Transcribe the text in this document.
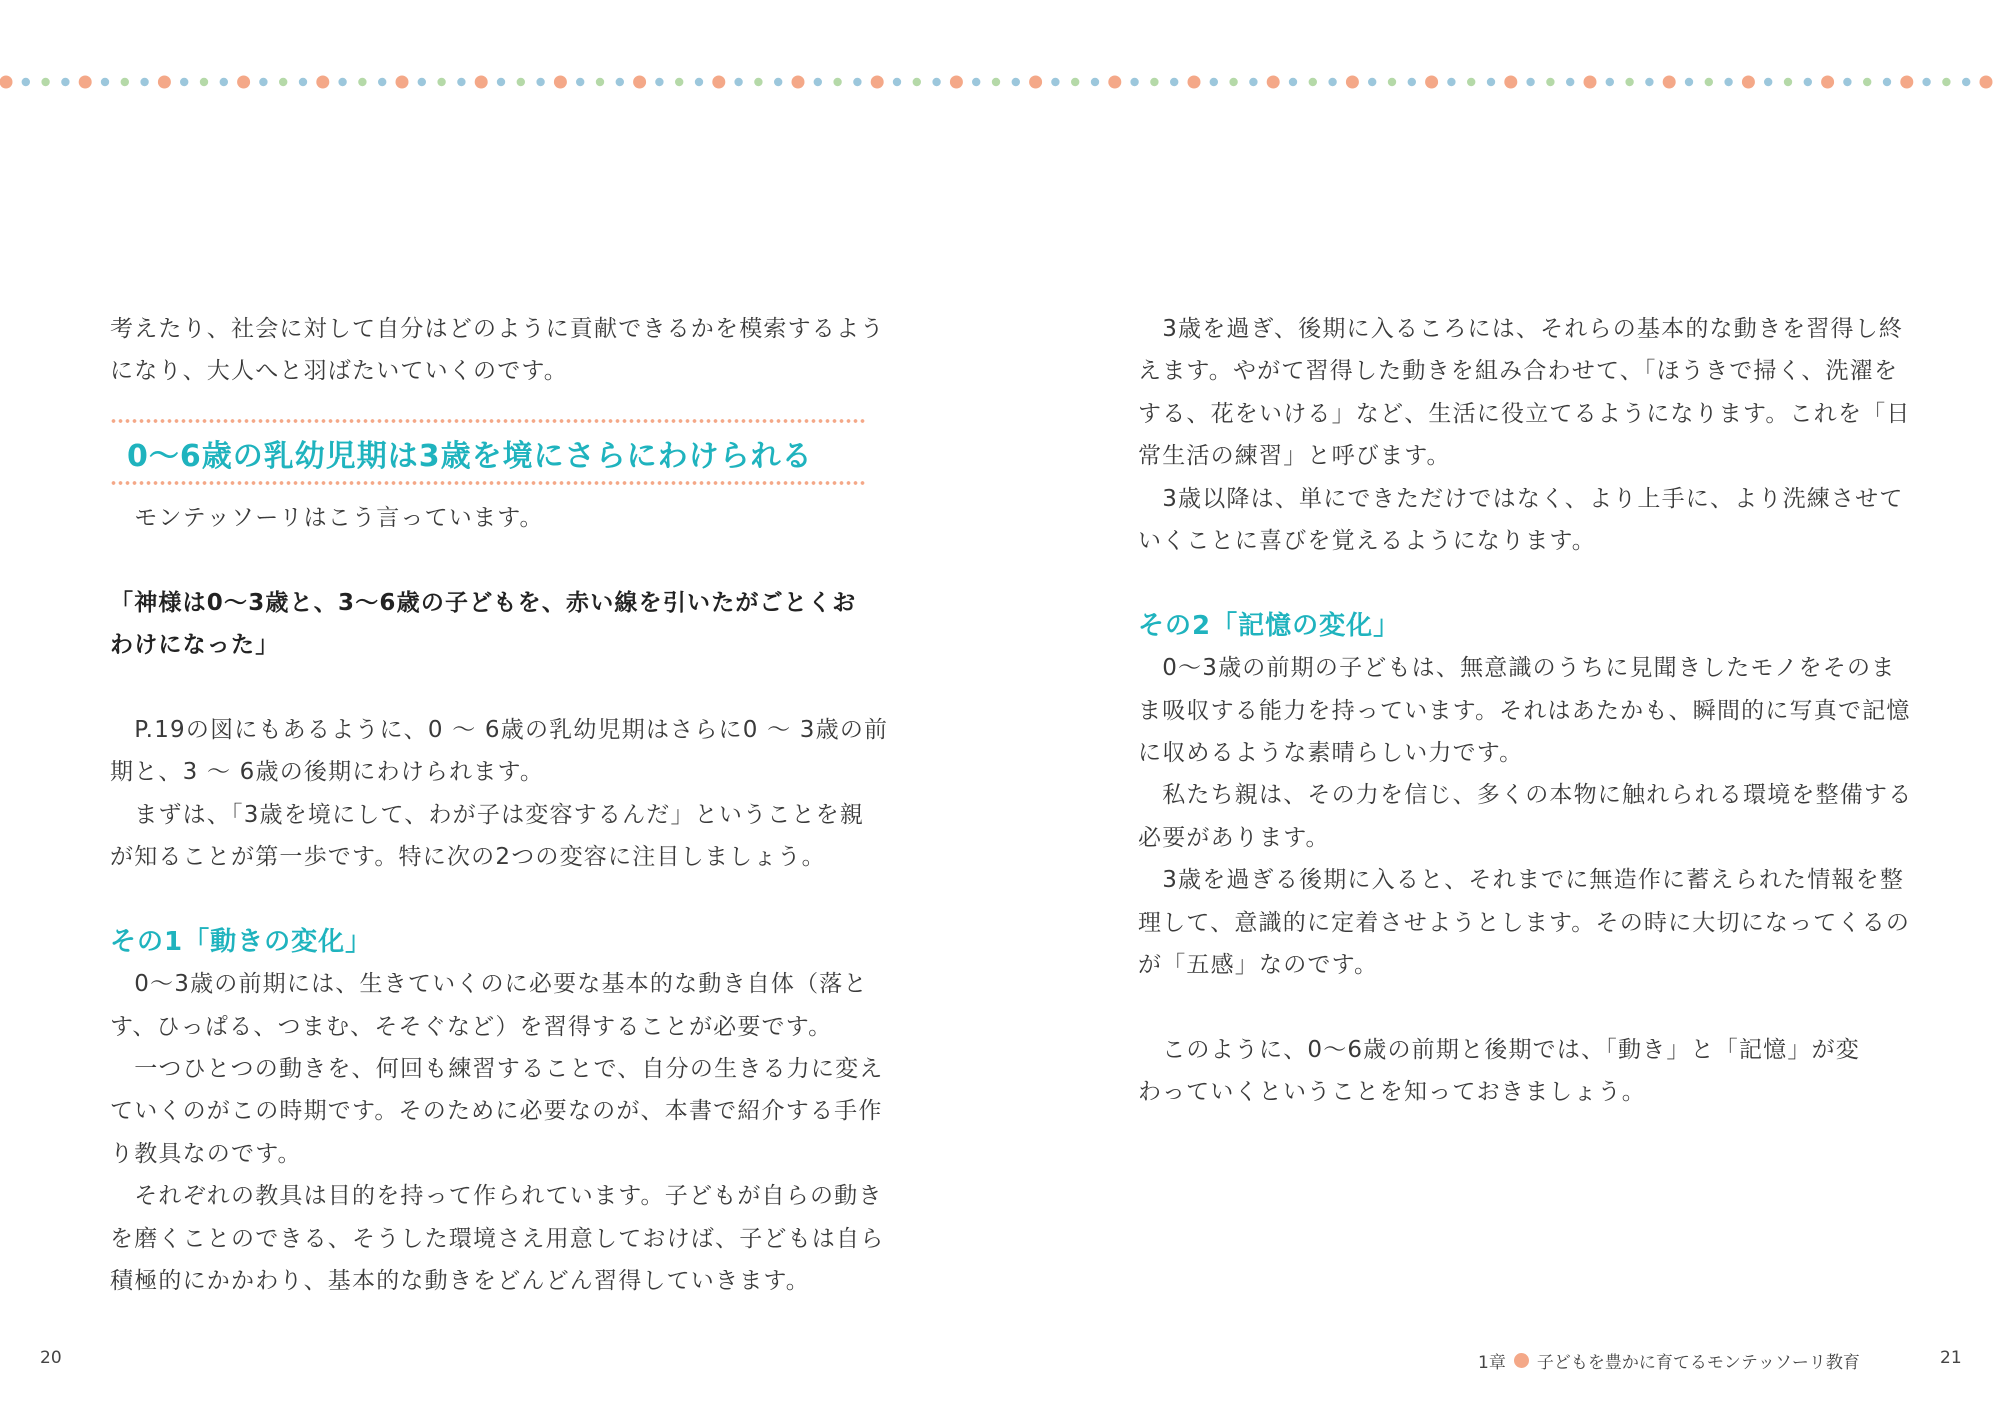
考えたり、社会に対して自分はどのように貢献できるかを模索するよう

になり、大人へと羽ばたいていくのです。

0～6歳の乳幼児期は3歳を境にさらにわけられる

　モンテッソーリはこう言っています。

「神様は0～3歳と、3～6歳の子どもを、赤い線を引いたがごとくお

わけになった」

　P.19の図にもあるように、0 ～ 6歳の乳幼児期はさらに0 ～ 3歳の前

期と、3 ～ 6歳の後期にわけられます。

　まずは、「3歳を境にして、わが子は変容するんだ」ということを親

が知ることが第一歩です。特に次の2つの変容に注目しましょう。

その1「動きの変化」

　0～3歳の前期には、生きていくのに必要な基本的な動き自体（落と

す、ひっぱる、つまむ、そそぐなど）を習得することが必要です。

　一つひとつの動きを、何回も練習することで、自分の生きる力に変え

ていくのがこの時期です。そのために必要なのが、本書で紹介する手作

り教具なのです。

　それぞれの教具は目的を持って作られています。子どもが自らの動き

を磨くことのできる、そうした環境さえ用意しておけば、子どもは自ら

積極的にかかわり、基本的な動きをどんどん習得していきます。

　3歳を過ぎ、後期に入るころには、それらの基本的な動きを習得し終

えます。やがて習得した動きを組み合わせて、「ほうきで掃く、洗濯を

する、花をいける」など、生活に役立てるようになります。これを「日

常生活の練習」と呼びます。

　3歳以降は、単にできただけではなく、より上手に、より洗練させて

いくことに喜びを覚えるようになります。

その2「記憶の変化」

　0～3歳の前期の子どもは、無意識のうちに見聞きしたモノをそのま

ま吸収する能力を持っています。それはあたかも、瞬間的に写真で記憶

に収めるような素晴らしい力です。

　私たち親は、その力を信じ、多くの本物に触れられる環境を整備する

必要があります。

　3歳を過ぎる後期に入ると、それまでに無造作に蓄えられた情報を整

理して、意識的に定着させようとします。その時に大切になってくるの

が「五感」なのです。

　このように、0～6歳の前期と後期では、「動き」と「記憶」が変

わっていくということを知っておきましょう。

20	1章 子どもを豊かに育てるモンテッソーリ教育	21
